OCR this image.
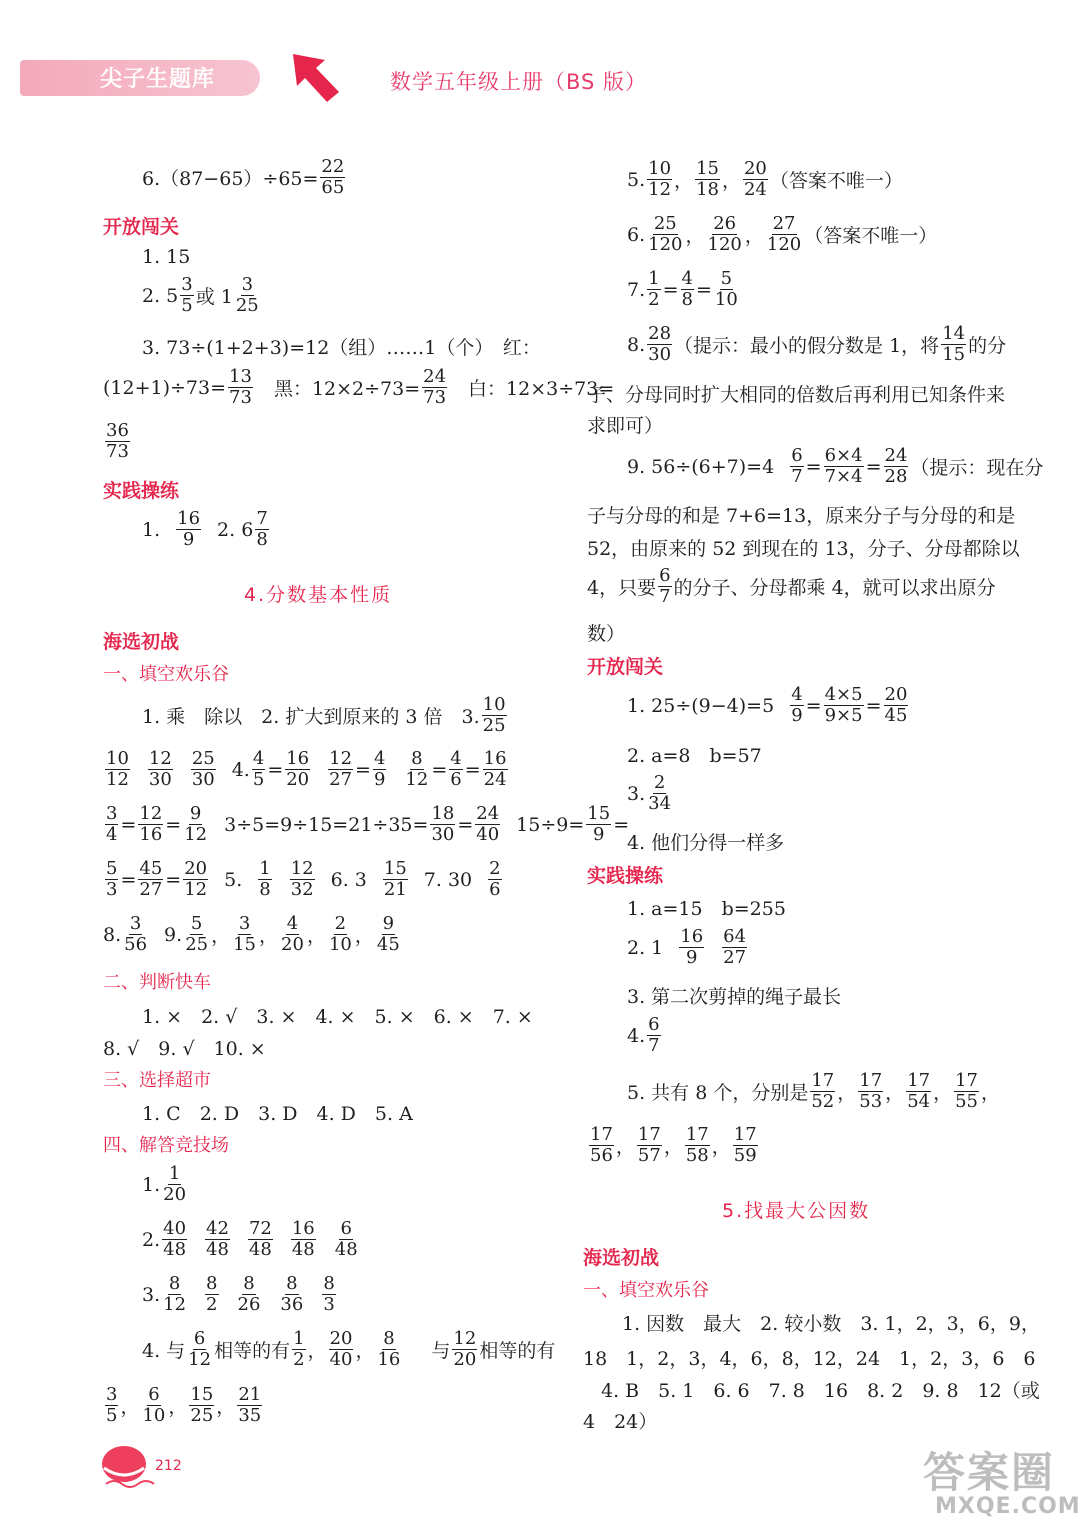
尖子生题库	数学五年级上册（BS 版）
$6.(87-65)\div 65= \frac{22}{65}$
开放闯关
1. 15
2. $5 \frac{3}{5}$ 或 $1 \frac{3}{25}$
3. 73÷(1+2+3)=12（组）……1（个）　红：
$(12+1)\div 73= \frac{13}{73}$ 　黑：$12\times 2\div 73= \frac{24}{73}$ 　白：12×3÷73=
$\frac{36}{73}$
实践操练
1. $\frac{16}{9} 2$. $6 \frac{7}{8}$
4.分数基本性质
海选初战
一、填空欢乐谷
1. 乘　除以　2. 扩大到原来的 3 倍　3. $\frac{10}{25}$
$\frac{10}{12} \frac{12}{30} \frac{25}{30} 4$. $\frac{4}{5} = \frac{16}{20} \frac{12}{27} = \frac{4}{9} \frac{8}{12} = \frac{4}{6} = \frac{16}{24}$
$\frac{3}{4} = \frac{12}{16} = \frac{9}{12} 3\div 5=9\div 15=21\div 35= \frac{18}{30} = \frac{24}{40} 15\div 9= \frac{15}{9}$ =
$\frac{5}{3} = \frac{45}{27} = \frac{20}{12} 5$. $\frac{1}{8} \frac{12}{32} 6$. $3 \frac{15}{21} 7$. $30 \frac{2}{6}$
8. $\frac{3}{56} 9$. $\frac{5}{25}$ ， $\frac{3}{15}$ ， $\frac{4}{20}$ ， $\frac{2}{10}$ ， $\frac{9}{45}$
二、判断快车
1. ×　2. √　3. ×　4. ×　5. ×　6. ×　7. ×
8. √　9. √　10. ×
三、选择超市
1. C　2. D　3. D　4. D　5. A
四、解答竞技场
1. $\frac{1}{20}$
2. $\frac{40}{48} \frac{42}{48} \frac{72}{48} \frac{16}{48} \frac{6}{48}$
3. $\frac{8}{12} \frac{8}{2} \frac{8}{26} \frac{8}{36} \frac{8}{3}$
4. 与 $\frac{6}{12}$ 相等的有 $\frac{1}{2}$ ， $\frac{20}{40}$ ， $\frac{8}{16}$ 与 $\frac{12}{20}$ 相等的有
$\frac{3}{5}$ ， $\frac{6}{10}$ ， $\frac{15}{25}$ ， $\frac{21}{35}$
5. $\frac{10}{12}$ ， $\frac{15}{18}$ ， $\frac{20}{24}$ （答案不唯一）
6. $\frac{25}{120}$ ， $\frac{26}{120}$ ， $\frac{27}{120}$ （答案不唯一）
7. $\frac{1}{2} = \frac{4}{8} = \frac{5}{10}$
8. $\frac{28}{30}$ （提示：最小的假分数是 1，将 $\frac{14}{15}$ 的分
子、分母同时扩大相同的倍数后再利用已知条件来
求即可）
9. $56\div(6+7)=4 \frac{6}{7} = \frac{6\times 4}{7\times 4} = \frac{24}{28}$ （提示：现在分
子与分母的和是 7+6=13，原来分子与分母的和是
52，由原来的 52 到现在的 13，分子、分母都除以
4，只要 $\frac{6}{7}$ 的分子、分母都乘 4，就可以求出原分
数）
开放闯关
1. $25\div(9-4)=5 \frac{4}{9} = \frac{4\times 5}{9\times 5} = \frac{20}{45}$
2. a=8　b=57
3. $\frac{2}{34}$
4. 他们分得一样多
实践操练
1. a=15　b=255
2. $1 \frac{16}{9} \frac{64}{27}$
3. 第二次剪掉的绳子最长
4. $\frac{6}{7}$
5. 共有 8 个，分别是 $\frac{17}{52}$ ， $\frac{17}{53}$ ， $\frac{17}{54}$ ， $\frac{17}{55}$ ，
$\frac{17}{56}$ ， $\frac{17}{57}$ ， $\frac{17}{58}$ ， $\frac{17}{59}$
5.找最大公因数
海选初战
一、填空欢乐谷
1. 因数　最大　2. 较小数　3. 1，2，3，6，9，
18　1，2，3，4，6，8，12，24　1，2，3，6　6
4. B　5. 1　6. 6　7. 8　16　8. 2　9. 8　12（或
4　24）
212	答案圈
MXQE.COM
